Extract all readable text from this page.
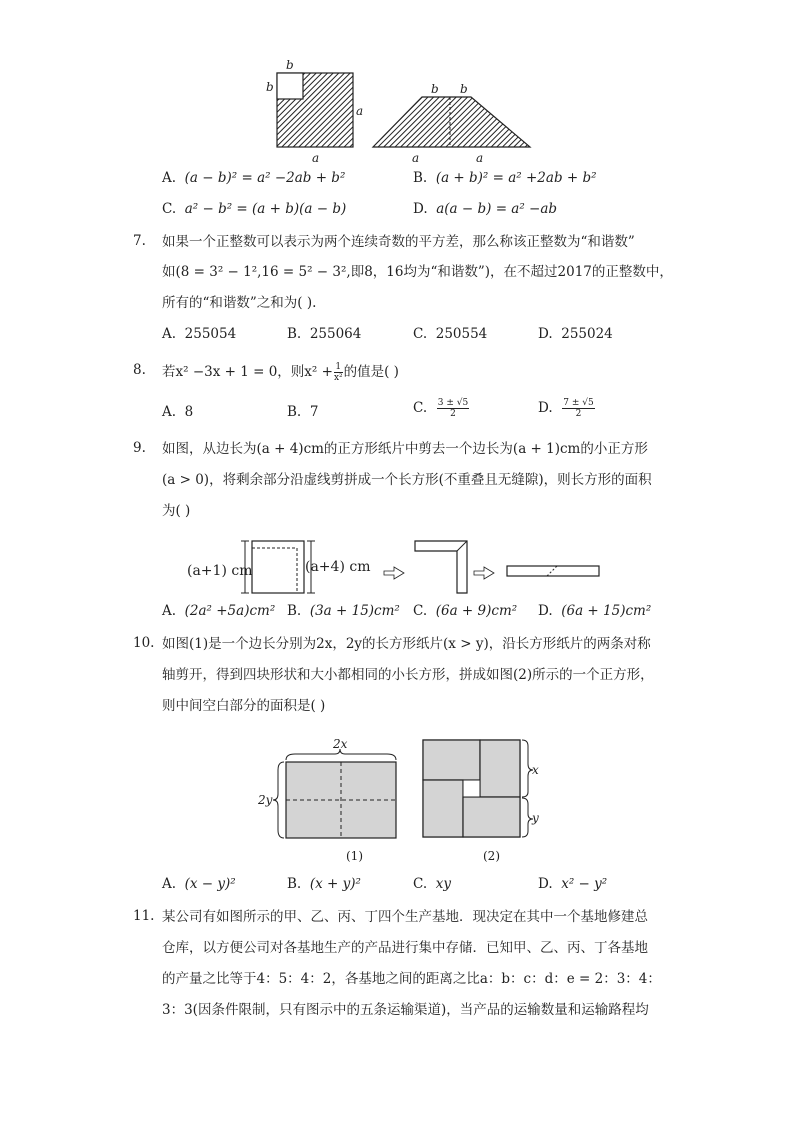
b
b
a
a
b b
a	a
A. (a − b)² = a² −2ab + b²	B. (a + b)² = a² +2ab + b²
C. a² − b² = (a + b)(a − b)	D. a(a − b) = a² −ab
7. 如果一个正整数可以表示为两个连续奇数的平方差，那么称该正整数为“和谐数”
如(8 = 3² − 1²,16 = 5² − 3²,即8，16均为“和谐数”)，在不超过2017的正整数中，
所有的“和谐数”之和为( ).
A. 255054	B. 255064	C. 250554	D. 255024
8. 若x² −3x + 1 = 0，则$x^2 + \frac{1}{\text{x²}}$ 的值是( )
A. 8	B. 7	C. $\frac{3 \pm √5}{2}$	D. $\frac{7 \pm √5}{2}$
9. 如图，从边长为(a + 4)cm的正方形纸片中剪去一个边长为(a + 1)cm的小正方形
(a > 0)，将剩余部分沿虚线剪拼成一个长方形(不重叠且无缝隙)，则长方形的面积
为( )
(a+1) cm	(a+4) cm
A. (2a² +5a)cm² B. (3a + 15)cm² C. (6a + 9)cm² D. (6a + 15)cm²
10. 如图(1)是一个边长分别为2x，2y的长方形纸片(x > y)，沿长方形纸片的两条对称
轴剪开，得到四块形状和大小都相同的小长方形，拼成如图(2)所示的一个正方形，
则中间空白部分的面积是( )
2x
2y
(1)
x
y
(2)
A. (x − y)²	B. (x + y)²	C. xy	D. x² − y²
11. 某公司有如图所示的甲、乙、丙、丁四个生产基地．现决定在其中一个基地修建总
仓库，以方便公司对各基地生产的产品进行集中存储．已知甲、乙、丙、丁各基地
的产量之比等于4：5：4：2，各基地之间的距离之比a：b：c：d：e = 2：3：4：
3：3(因条件限制，只有图示中的五条运输渠道)，当产品的运输数量和运输路程均
